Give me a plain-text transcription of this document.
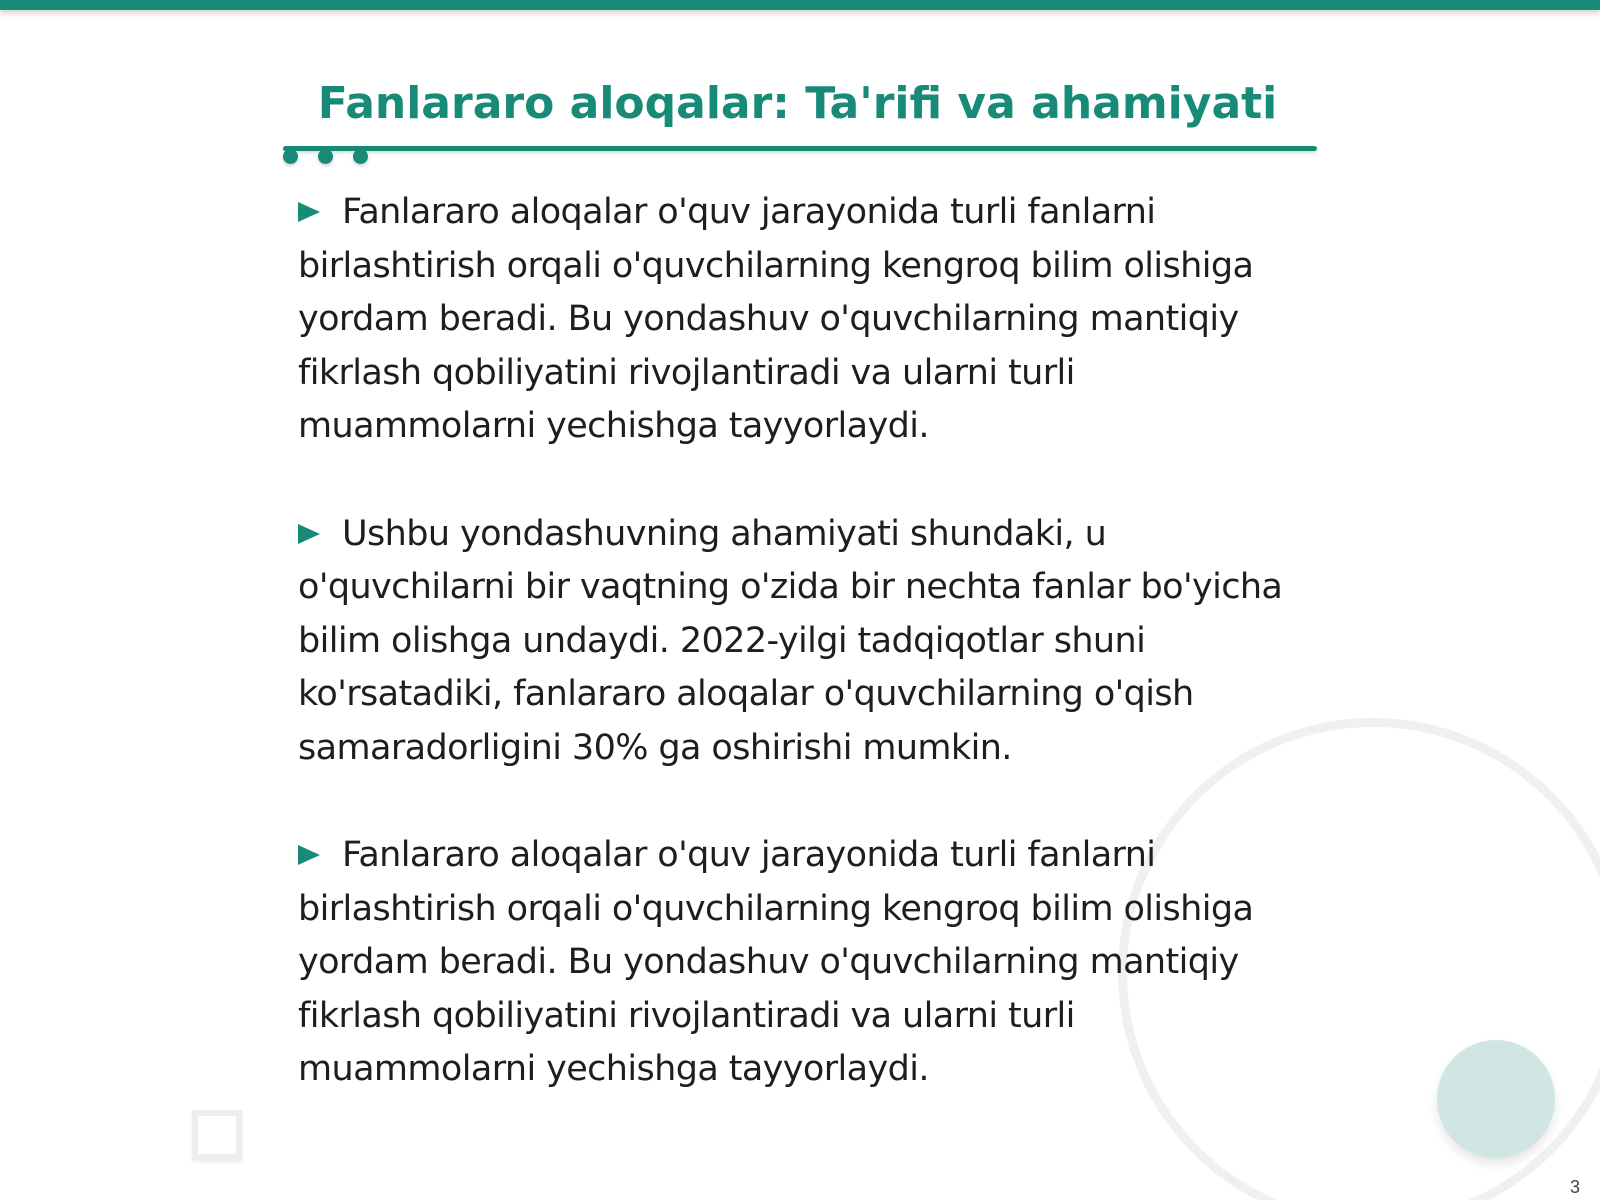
Fanlararo aloqalar: Ta'rifi va ahamiyati

Fanlararo aloqalar o'quv jarayonida turli fanlarni birlashtirish orqali o'quvchilarning kengroq bilim olishiga yordam beradi. Bu yondashuv o'quvchilarning mantiqiy fikrlash qobiliyatini rivojlantiradi va ularni turli muammolarni yechishga tayyorlaydi.

Ushbu yondashuvning ahamiyati shundaki, u o'quvchilarni bir vaqtning o'zida bir nechta fanlar bo'yicha bilim olishga undaydi. 2022-yilgi tadqiqotlar shuni ko'rsatadiki, fanlararo aloqalar o'quvchilarning o'qish samaradorligini 30% ga oshirishi mumkin.

Fanlararo aloqalar o'quv jarayonida turli fanlarni birlashtirish orqali o'quvchilarning kengroq bilim olishiga yordam beradi. Bu yondashuv o'quvchilarning mantiqiy fikrlash qobiliyatini rivojlantiradi va ularni turli muammolarni yechishga tayyorlaydi.

3
